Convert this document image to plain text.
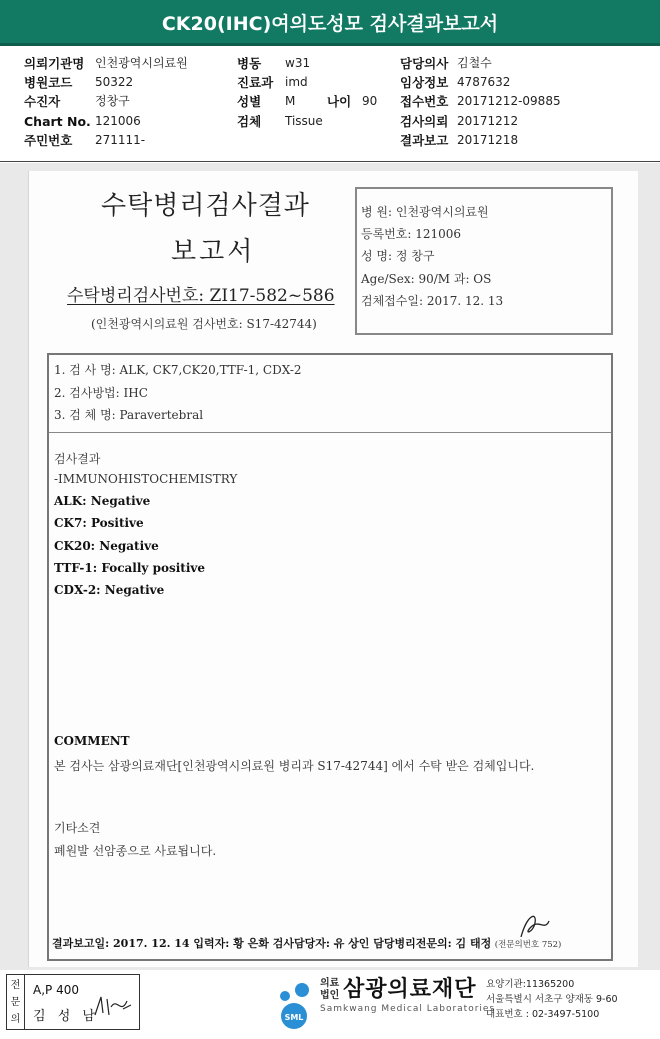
CK20(IHC)여의도성모 검사결과보고서
의뢰기관명 인천광역시의료원
병원코드 50322
수진자	정창구
Chart No. 121006
주민번호 271111-
병동 w31
진료과 imd
성별 M	나이 90
검체 Tissue
담당의사 김철수
임상정보 4787632
접수번호 20171212-09885
검사의뢰 20171212
결과보고 20171218
수탁병리검사결과
보고서
수탁병리검사번호: ZI17-582~586
(인천광역시의료원 검사번호: S17-42744)
병 원: 인천광역시의료원
등록번호: 121006
성 명: 정 창구
Age/Sex: 90/M 과: OS
검체접수일: 2017. 12. 13
1. 검 사 명: ALK, CK7,CK20,TTF-1, CDX-2
2. 검사방법: IHC
3. 검 체 명: Paravertebral
검사결과
-IMMUNOHISTOCHEMISTRY
ALK: Negative
CK7: Positive
CK20: Negative
TTF-1: Focally positive
CDX-2: Negative
COMMENT
본 검사는 삼광의료재단[인천광역시의료원 병리과 S17-42744] 에서 수탁 받은 검체입니다.
기타소견
폐원발 선암종으로 사료됩니다.
결과보고일: 2017. 12. 14 입력자: 황 은화 검사담당자: 유 상인 담당병리전문의: 김 태정 (전문의번호 752)
전
문
의
A,P 400
김 성 남	SML
의료
법인 삼광의료재단
Samkwang Medical Laboratories
요양기관:11365200
서울특별시 서초구 양재동 9-60
대표번호 : 02-3497-5100
